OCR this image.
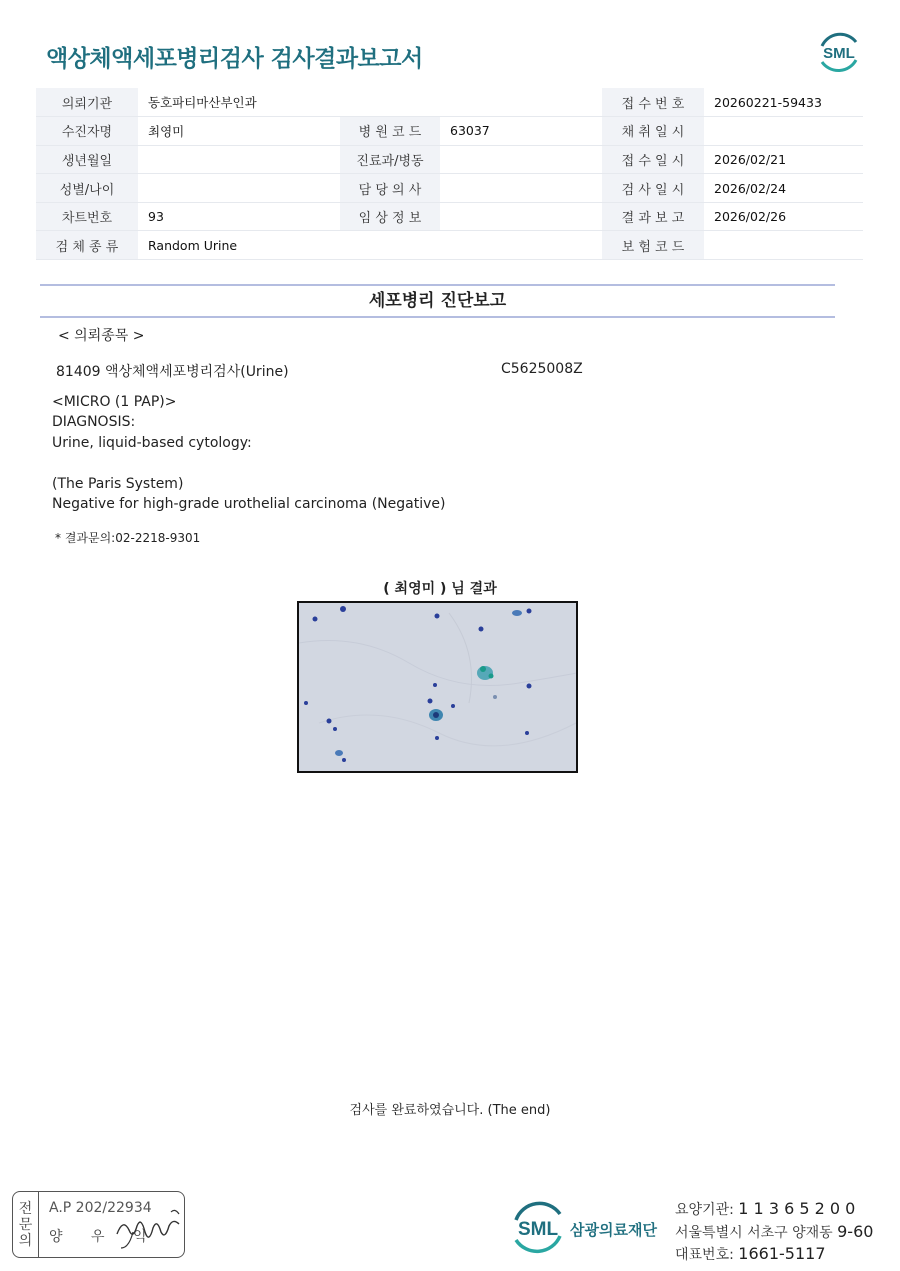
액상체액세포병리검사 검사결과보고서	SML
의뢰기관	동호파티마산부인과			접 수 번 호	20260221-59433
수진자명	최영미	병 원 코 드	63037	채 취 일 시	
생년월일		진료과/병동		접 수 일 시	2026/02/21
성별/나이		담 당 의 사		검 사 일 시	2026/02/24
차트번호	93	임 상 정 보		결 과 보 고	2026/02/26
검 체 종 류	Random Urine			보 험 코 드	
세포병리 진단보고
< 의뢰종목 >
81409 액상체액세포병리검사(Urine)	C5625008Z
<MICRO (1 PAP)>
DIAGNOSIS:
Urine, liquid-based cytology:
(The Paris System)
Negative for high-grade urothelial carcinoma (Negative)
* 결과문의:02-2218-9301
( 최영미 ) 님 결과
검사를 완료하였습니다. (The end)
전
문
의
A.P 202/22934
양 우 익	SML 삼광의료재단
요양기관: 1 1 3 6 5 2 0 0
서울특별시 서초구 양재동 9-60
대표번호: 1661-5117
